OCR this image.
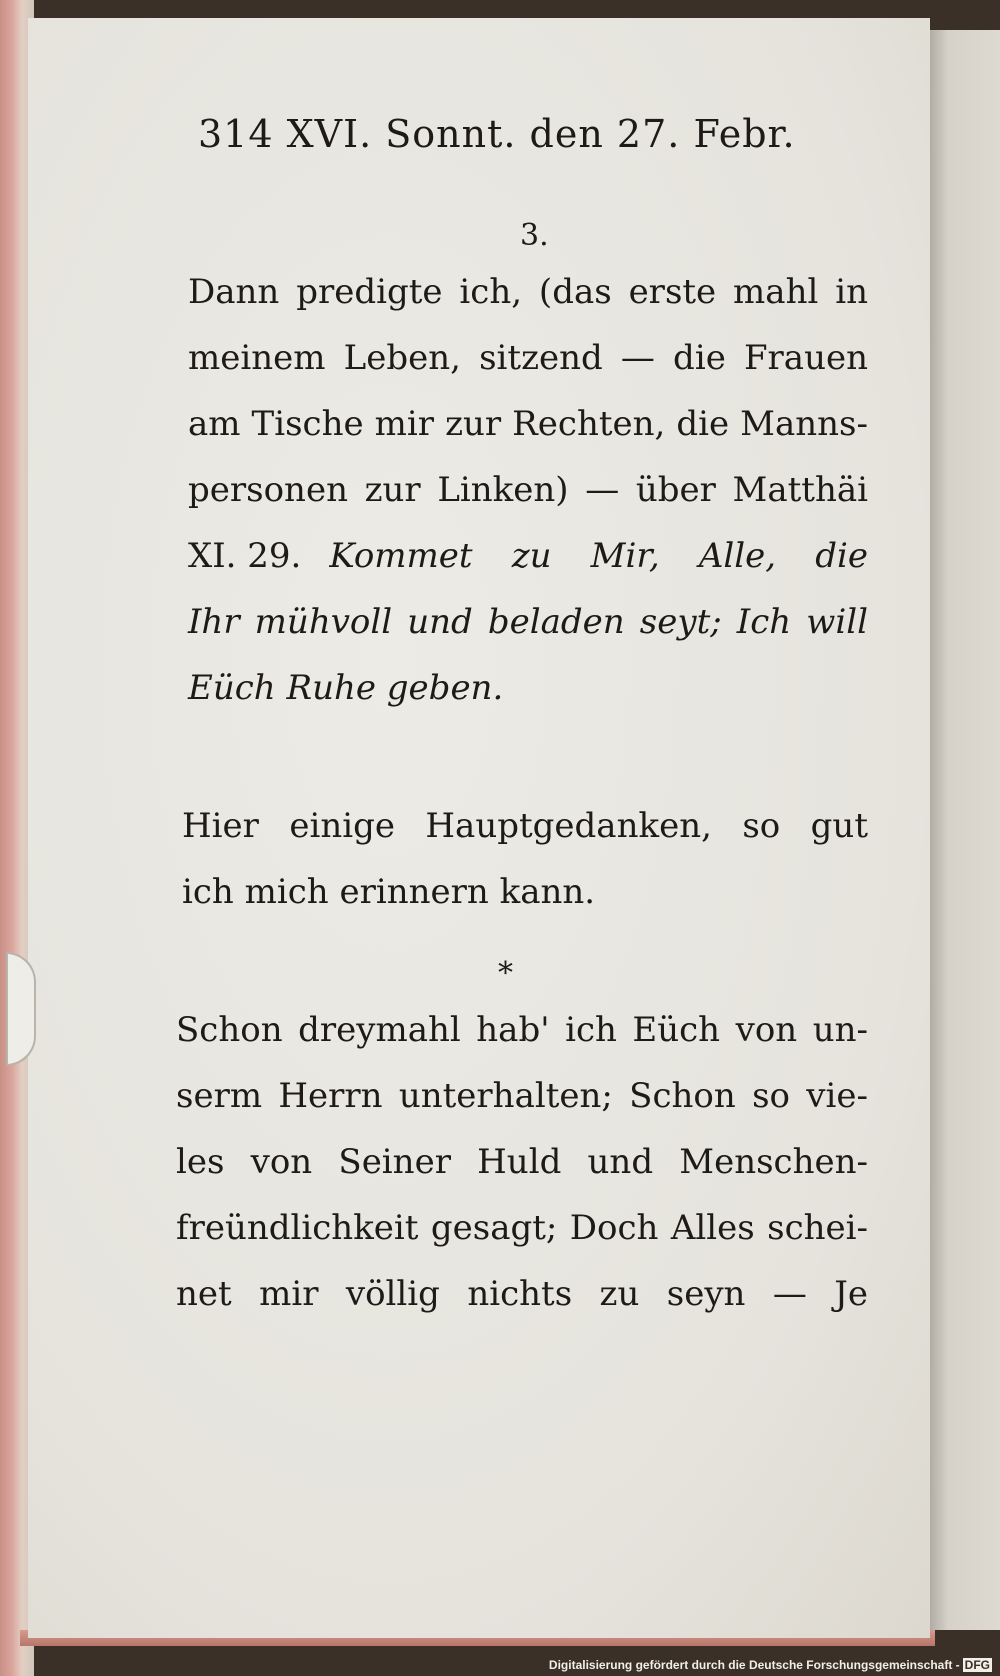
314 XVI. Sonnt. den 27. Febr.
3.
Dann predigte ich, (das erste mahl in
meinem Leben, sitzend — die Frauen
am Tische mir zur Rechten, die Manns-
personen zur Linken) — über Matthäi
XI. 29. Kommet zu Mir, Alle, die
Ihr mühvoll und beladen seyt; Ich will
Eüch Ruhe geben.
Hier einige Hauptgedanken, so gut
ich mich erinnern kann.
*
Schon dreymahl hab' ich Eüch von un-
serm Herrn unterhalten; Schon so vie-
les von Seiner Huld und Menschen-
freündlichkeit gesagt; Doch Alles schei-
net mir völlig nichts zu seyn — Je
Digitalisierung gefördert durch die Deutsche Forschungsgemeinschaft - DFG
